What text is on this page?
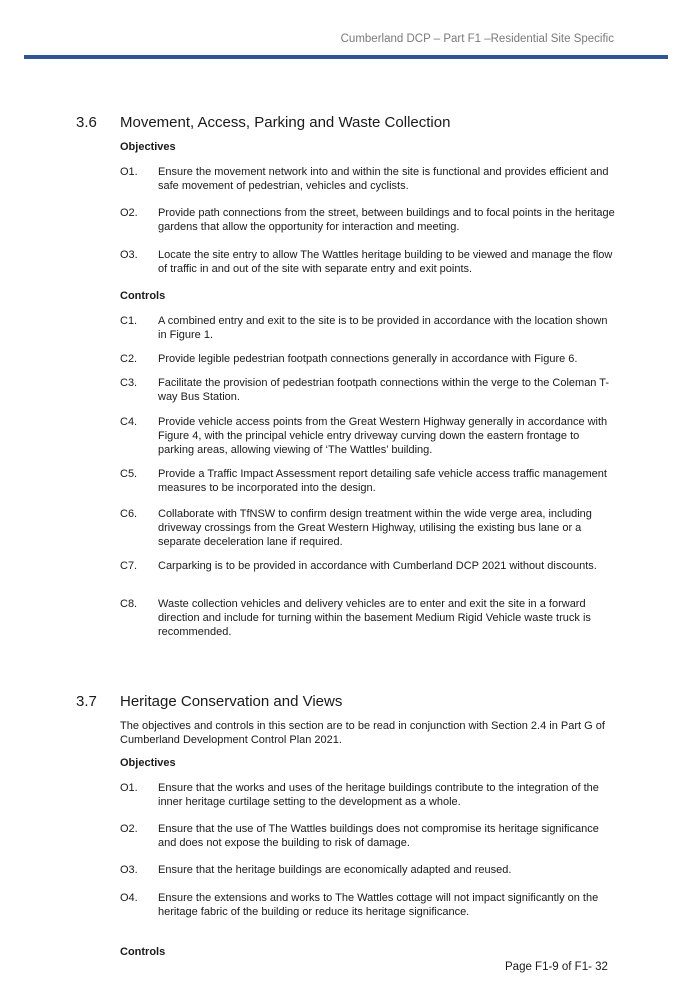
Cumberland DCP – Part F1 –Residential Site Specific
3.6 Movement, Access, Parking and Waste Collection
Objectives
O1.	Ensure the movement network into and within the site is functional and provides efficient and safe movement of pedestrian, vehicles and cyclists.
O2.	Provide path connections from the street, between buildings and to focal points in the heritage gardens that allow the opportunity for interaction and meeting.
O3.	Locate the site entry to allow The Wattles heritage building to be viewed and manage the flow of traffic in and out of the site with separate entry and exit points.
Controls
C1.	A combined entry and exit to the site is to be provided in accordance with the location shown in Figure 1.
C2.	Provide legible pedestrian footpath connections generally in accordance with Figure 6.
C3.	Facilitate the provision of pedestrian footpath connections within the verge to the Coleman T-way Bus Station.
C4.	Provide vehicle access points from the Great Western Highway generally in accordance with Figure 4, with the principal vehicle entry driveway curving down the eastern frontage to parking areas, allowing viewing of ‘The Wattles’ building.
C5.	Provide a Traffic Impact Assessment report detailing safe vehicle access traffic management measures to be incorporated into the design.
C6.	Collaborate with TfNSW to confirm design treatment within the wide verge area, including driveway crossings from the Great Western Highway, utilising the existing bus lane or a separate deceleration lane if required.
C7.	Carparking is to be provided in accordance with Cumberland DCP 2021 without discounts.
C8.	Waste collection vehicles and delivery vehicles are to enter and exit the site in a forward direction and include for turning within the basement Medium Rigid Vehicle waste truck is recommended.
3.7 Heritage Conservation and Views
The objectives and controls in this section are to be read in conjunction with Section 2.4 in Part G of Cumberland Development Control Plan 2021.
Objectives
O1.	Ensure that the works and uses of the heritage buildings contribute to the integration of the inner heritage curtilage setting to the development as a whole.
O2.	Ensure that the use of The Wattles buildings does not compromise its heritage significance and does not expose the building to risk of damage.
O3.	Ensure that the heritage buildings are economically adapted and reused.
O4.	Ensure the extensions and works to The Wattles cottage will not impact significantly on the heritage fabric of the building or reduce its heritage significance.
Controls
Page F1-9 of F1- 32
